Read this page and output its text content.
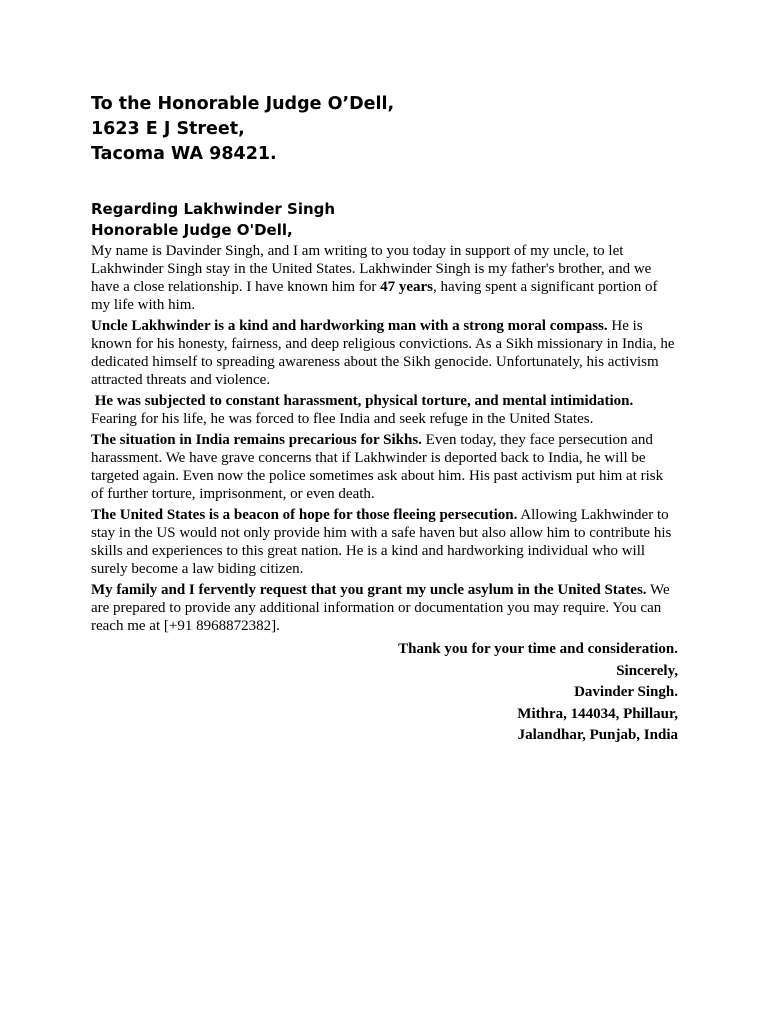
To the Honorable Judge O’Dell,
1623 E J Street,
Tacoma WA 98421.

Regarding Lakhwinder Singh

Honorable Judge O'Dell,

My name is Davinder Singh, and I am writing to you today in support of my uncle, to let Lakhwinder Singh stay in the United States. Lakhwinder Singh is my father's brother, and we have a close relationship. I have known him for 47 years, having spent a significant portion of my life with him.

Uncle Lakhwinder is a kind and hardworking man with a strong moral compass. He is known for his honesty, fairness, and deep religious convictions. As a Sikh missionary in India, he dedicated himself to spreading awareness about the Sikh genocide. Unfortunately, his activism attracted threats and violence.

He was subjected to constant harassment, physical torture, and mental intimidation. Fearing for his life, he was forced to flee India and seek refuge in the United States.

The situation in India remains precarious for Sikhs. Even today, they face persecution and harassment. We have grave concerns that if Lakhwinder is deported back to India, he will be targeted again. Even now the police sometimes ask about him. His past activism put him at risk of further torture, imprisonment, or even death.

The United States is a beacon of hope for those fleeing persecution. Allowing Lakhwinder to stay in the US would not only provide him with a safe haven but also allow him to contribute his skills and experiences to this great nation. He is a kind and hardworking individual who will surely become a law biding citizen.

My family and I fervently request that you grant my uncle asylum in the United States. We are prepared to provide any additional information or documentation you may require. You can reach me at [+91 8968872382].

Thank you for your time and consideration.
Sincerely,
Davinder Singh.
Mithra, 144034, Phillaur,
Jalandhar, Punjab, India
